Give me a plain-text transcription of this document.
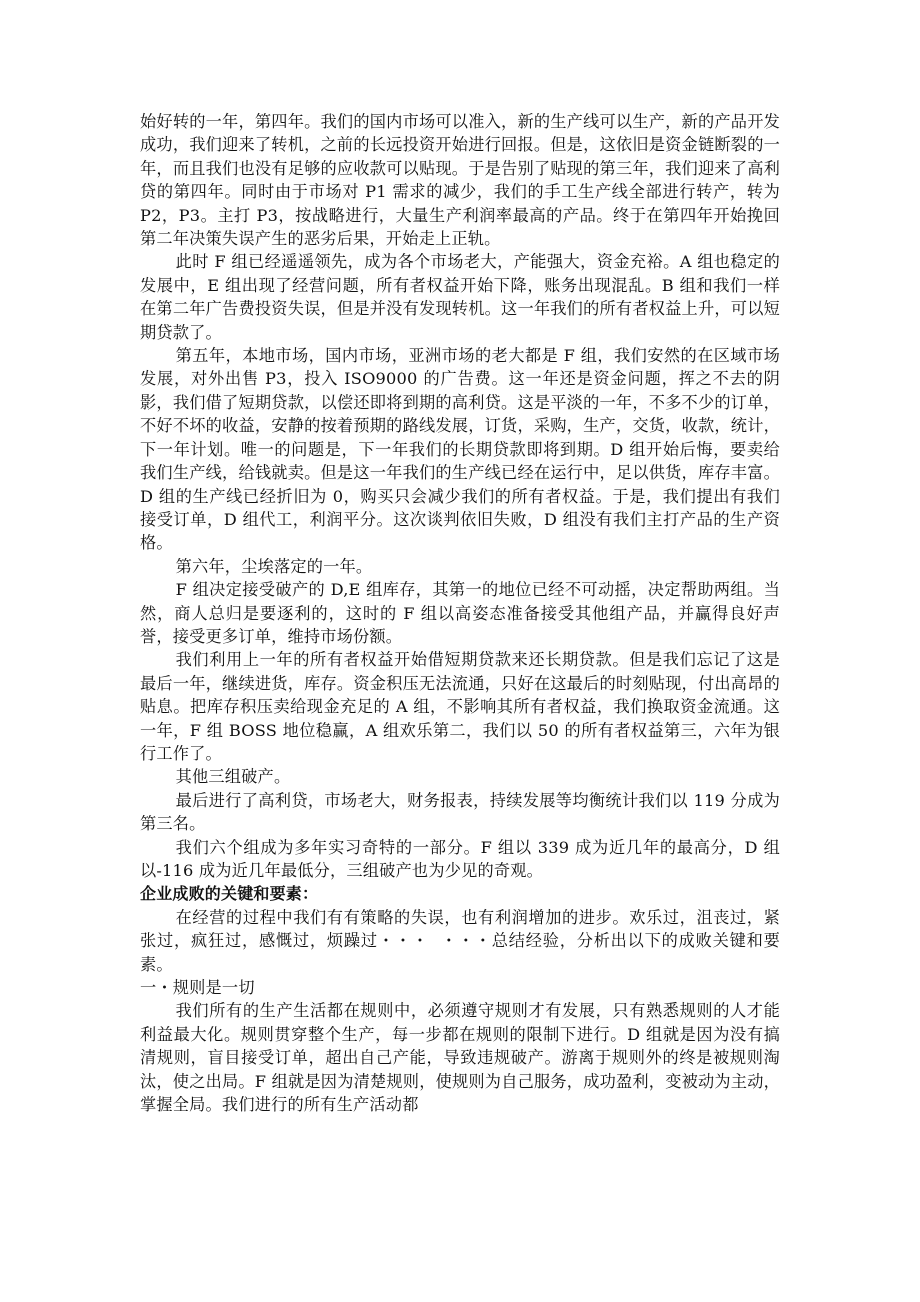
始好转的一年，第四年。我们的国内市场可以准入，新的生产线可以生产，新的产品开发成功，我们迎来了转机，之前的长远投资开始进行回报。但是，这依旧是资金链断裂的一年，而且我们也没有足够的应收款可以贴现。于是告别了贴现的第三年，我们迎来了高利贷的第四年。同时由于市场对 P1 需求的减少，我们的手工生产线全部进行转产，转为 P2，P3。主打 P3，按战略进行，大量生产利润率最高的产品。终于在第四年开始挽回第二年决策失误产生的恶劣后果，开始走上正轨。

此时 F 组已经遥遥领先，成为各个市场老大，产能强大，资金充裕。A 组也稳定的发展中，E 组出现了经营问题，所有者权益开始下降，账务出现混乱。B 组和我们一样在第二年广告费投资失误，但是并没有发现转机。这一年我们的所有者权益上升，可以短期贷款了。

第五年，本地市场，国内市场，亚洲市场的老大都是 F 组，我们安然的在区域市场发展，对外出售 P3，投入 ISO9000 的广告费。这一年还是资金问题，挥之不去的阴影，我们借了短期贷款，以偿还即将到期的高利贷。这是平淡的一年，不多不少的订单，不好不坏的收益，安静的按着预期的路线发展，订货，采购，生产，交货，收款，统计，下一年计划。唯一的问题是，下一年我们的长期贷款即将到期。D 组开始后悔，要卖给我们生产线，给钱就卖。但是这一年我们的生产线已经在运行中，足以供货，库存丰富。D 组的生产线已经折旧为 0，购买只会减少我们的所有者权益。于是，我们提出有我们接受订单，D 组代工，利润平分。这次谈判依旧失败，D 组没有我们主打产品的生产资格。

第六年，尘埃落定的一年。

F 组决定接受破产的 D,E 组库存，其第一的地位已经不可动摇，决定帮助两组。当然，商人总归是要逐利的，这时的 F 组以高姿态准备接受其他组产品，并赢得良好声誉，接受更多订单，维持市场份额。

我们利用上一年的所有者权益开始借短期贷款来还长期贷款。但是我们忘记了这是最后一年，继续进货，库存。资金积压无法流通，只好在这最后的时刻贴现，付出高昂的贴息。把库存积压卖给现金充足的 A 组，不影响其所有者权益，我们换取资金流通。这一年，F 组 BOSS 地位稳赢，A 组欢乐第二，我们以 50 的所有者权益第三，六年为银行工作了。

其他三组破产。

最后进行了高利贷，市场老大，财务报表，持续发展等均衡统计我们以 119 分成为第三名。

我们六个组成为多年实习奇特的一部分。F 组以 339 成为近几年的最高分，D 组以-116 成为近几年最低分，三组破产也为少见的奇观。

企业成败的关键和要素：

在经营的过程中我们有有策略的失误，也有利润增加的进步。欢乐过，沮丧过，紧张过，疯狂过，感慨过，烦躁过・・・  ・・・总结经验，分析出以下的成败关键和要素。

一・规则是一切

我们所有的生产生活都在规则中，必须遵守规则才有发展，只有熟悉规则的人才能利益最大化。规则贯穿整个生产，每一步都在规则的限制下进行。D 组就是因为没有搞清规则，盲目接受订单，超出自己产能，导致违规破产。游离于规则外的终是被规则淘汰，使之出局。F 组就是因为清楚规则，使规则为自己服务，成功盈利，变被动为主动，掌握全局。我们进行的所有生产活动都
